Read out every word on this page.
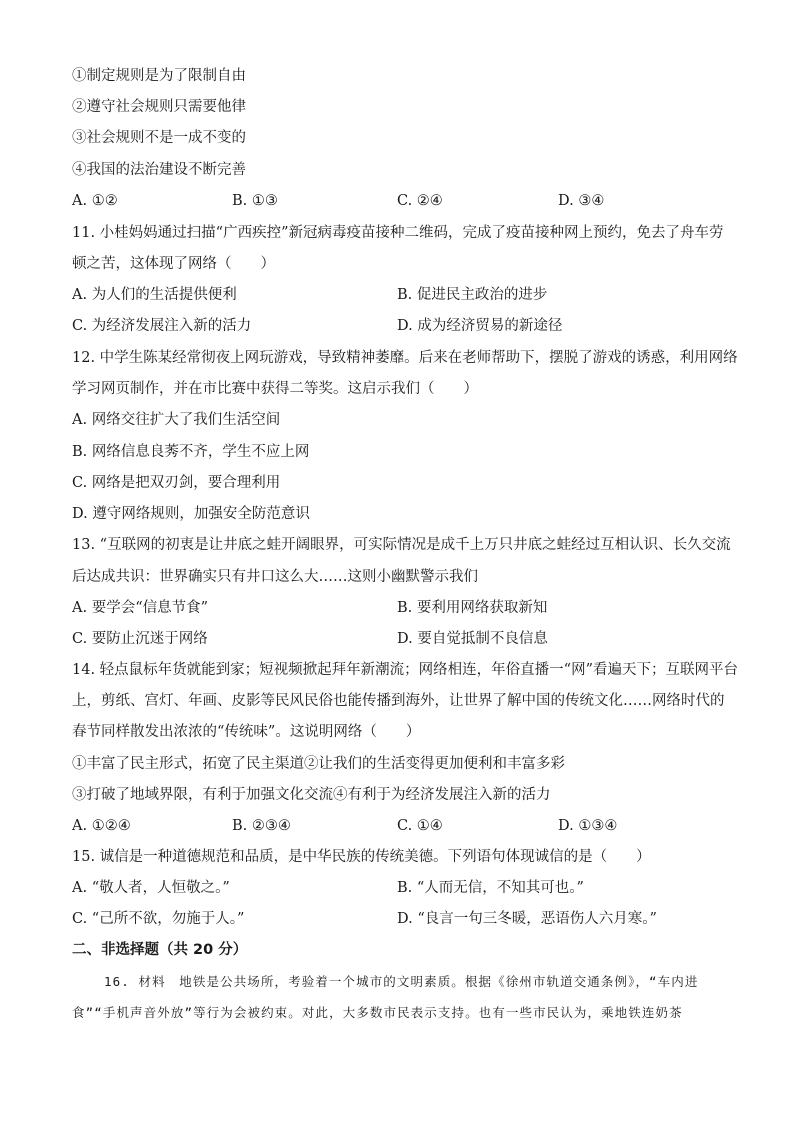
①制定规则是为了限制自由
②遵守社会规则只需要他律
③社会规则不是一成不变的
④我国的法治建设不断完善
A. ①②	B. ①③	C. ②④	D. ③④
11. 小桂妈妈通过扫描“广西疾控”新冠病毒疫苗接种二维码，完成了疫苗接种网上预约，免去了舟车劳
顿之苦，这体现了网络（　　）
A. 为人们的生活提供便利	B. 促进民主政治的进步
C. 为经济发展注入新的活力	D. 成为经济贸易的新途径
12. 中学生陈某经常彻夜上网玩游戏，导致精神萎靡。后来在老师帮助下，摆脱了游戏的诱惑，利用网络
学习网页制作，并在市比赛中获得二等奖。这启示我们（　　）
A. 网络交往扩大了我们生活空间
B. 网络信息良莠不齐，学生不应上网
C. 网络是把双刃剑，要合理利用
D. 遵守网络规则，加强安全防范意识
13. “互联网的初衷是让井底之蛙开阔眼界，可实际情况是成千上万只井底之蛙经过互相认识、长久交流
后达成共识：世界确实只有井口这么大……这则小幽默警示我们
A. 要学会“信息节食”	B. 要利用网络获取新知
C. 要防止沉迷于网络	D. 要自觉抵制不良信息
14. 轻点鼠标年货就能到家；短视频掀起拜年新潮流；网络相连，年俗直播一“网”看遍天下；互联网平台
上，剪纸、宫灯、年画、皮影等民风民俗也能传播到海外，让世界了解中国的传统文化……网络时代的
春节同样散发出浓浓的“传统味”。这说明网络（　　）
①丰富了民主形式，拓宽了民主渠道②让我们的生活变得更加便利和丰富多彩
③打破了地域界限，有利于加强文化交流④有利于为经济发展注入新的活力
A. ①②④	B. ②③④	C. ①④	D. ①③④
15. 诚信是一种道德规范和品质，是中华民族的传统美德。下列语句体现诚信的是（　　）
A. “敬人者，人恒敬之。”	B. “人而无信，不知其可也。”
C. “己所不欲，勿施于人。”	D. “良言一句三冬暖，恶语伤人六月寒。”
二、非选择题（共 20 分）
16. 材料　地铁是公共场所，考验着一个城市的文明素质。根据《徐州市轨道交通条例》，“车内进
食”“手机声音外放”等行为会被约束。对此，大多数市民表示支持。也有一些市民认为，乘地铁连奶茶
